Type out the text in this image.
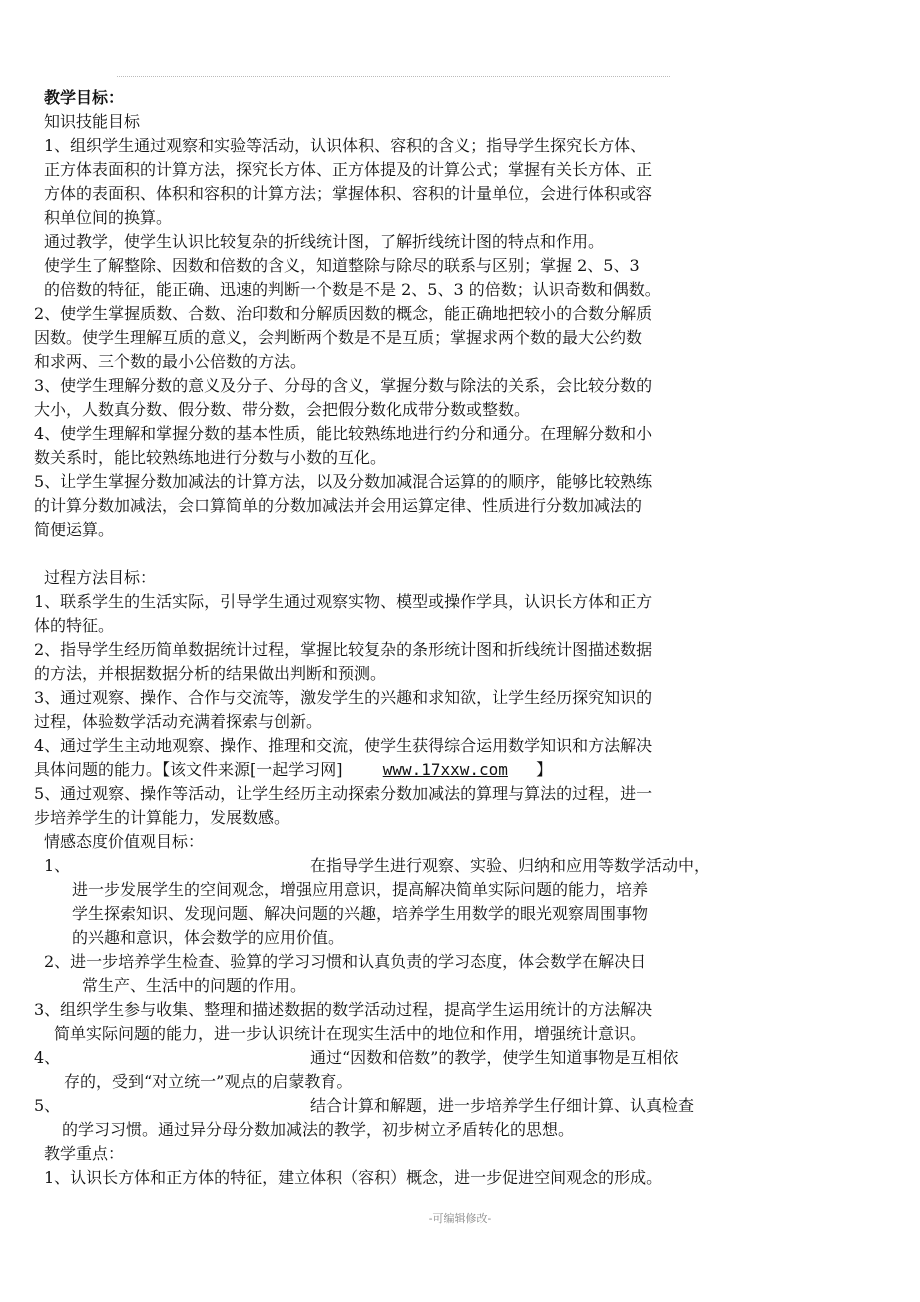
教学目标：
知识技能目标
1、组织学生通过观察和实验等活动，认识体积、容积的含义；指导学生探究长方体、
正方体表面积的计算方法，探究长方体、正方体提及的计算公式；掌握有关长方体、正
方体的表面积、体积和容积的计算方法；掌握体积、容积的计量单位，会进行体积或容
积单位间的换算。
通过教学，使学生认识比较复杂的折线统计图，了解折线统计图的特点和作用。
使学生了解整除、因数和倍数的含义，知道整除与除尽的联系与区别；掌握 2、5、3
的倍数的特征，能正确、迅速的判断一个数是不是 2、5、3 的倍数；认识奇数和偶数。
2、使学生掌握质数、合数、治印数和分解质因数的概念，能正确地把较小的合数分解质
因数。使学生理解互质的意义，会判断两个数是不是互质；掌握求两个数的最大公约数
和求两、三个数的最小公倍数的方法。
3、使学生理解分数的意义及分子、分母的含义，掌握分数与除法的关系，会比较分数的
大小，人数真分数、假分数、带分数，会把假分数化成带分数或整数。
4、使学生理解和掌握分数的基本性质，能比较熟练地进行约分和通分。在理解分数和小
数关系时，能比较熟练地进行分数与小数的互化。
5、让学生掌握分数加减法的计算方法，以及分数加减混合运算的的顺序，能够比较熟练
的计算分数加减法，会口算简单的分数加减法并会用运算定律、性质进行分数加减法的
简便运算。
过程方法目标：
1、联系学生的生活实际，引导学生通过观察实物、模型或操作学具，认识长方体和正方
体的特征。
2、指导学生经历简单数据统计过程，掌握比较复杂的条形统计图和折线统计图描述数据
的方法，并根据数据分析的结果做出判断和预测。
3、通过观察、操作、合作与交流等，激发学生的兴趣和求知欲，让学生经历探究知识的
过程，体验数学活动充满着探索与创新。
4、通过学生主动地观察、操作、推理和交流，使学生获得综合运用数学知识和方法解决
具体问题的能力。【该文件来源[一起学习网]	www.17xxw.com 】
5、通过观察、操作等活动，让学生经历主动探索分数加减法的算理与算法的过程，进一
步培养学生的计算能力，发展数感。
情感态度价值观目标：
1、	在指导学生进行观察、实验、归纳和应用等数学活动中，
进一步发展学生的空间观念，增强应用意识，提高解决简单实际问题的能力，培养
学生探索知识、发现问题、解决问题的兴趣，培养学生用数学的眼光观察周围事物
的兴趣和意识，体会数学的应用价值。
2、进一步培养学生检查、验算的学习习惯和认真负责的学习态度，体会数学在解决日
常生产、生活中的问题的作用。
3、组织学生参与收集、整理和描述数据的数学活动过程，提高学生运用统计的方法解决
简单实际问题的能力，进一步认识统计在现实生活中的地位和作用，增强统计意识。
4、	通过“因数和倍数”的教学，使学生知道事物是互相依
存的，受到“对立统一”观点的启蒙教育。
5、	结合计算和解题，进一步培养学生仔细计算、认真检查
的学习习惯。通过异分母分数加减法的教学，初步树立矛盾转化的思想。
教学重点：
1、认识长方体和正方体的特征，建立体积（容积）概念，进一步促进空间观念的形成。
-可编辑修改-
